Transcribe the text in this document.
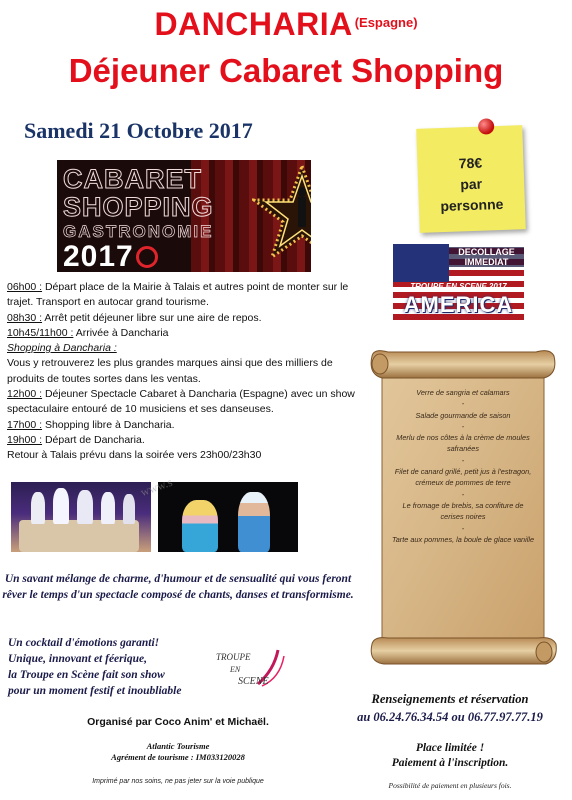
DANCHARIA $^{(Espagne)}$
Déjeuner Cabaret Shopping
Samedi 21 Octobre 2017
CABARET
SHOPPING
GASTRONOMIE
2017
78€
par
personne
DECOLLAGE
IMMEDIAT
TROUPE EN SCENE 2017
AMERICA
06h00 : Départ place de la Mairie à Talais et autres point de monter sur le trajet. Transport en autocar grand tourisme.
08h30 : Arrêt petit déjeuner libre sur une aire de repos.
10h45/11h00 : Arrivée à Dancharia
Shopping à Dancharia :
Vous y retrouverez les plus grandes marques ainsi que des milliers de produits de toutes sortes dans les ventas.
12h00 : Déjeuner Spectacle Cabaret à Dancharia (Espagne) avec un show spectaculaire entouré de 10 musiciens et ses danseuses.
17h00 : Shopping libre à Dancharia.
19h00 : Départ de Dancharia.
Retour à Talais prévu dans la soirée vers 23h00/23h30
www.s
Un savant mélange de charme, d'humour et de sensualité qui vous feront rêver le temps d'un spectacle composé de chants, danses et transformisme.
Un cocktail d'émotions garanti!
Unique, innovant et féerique,
la Troupe en Scène fait son show
pour un moment festif et inoubliable
TROUPE
EN
SCENE
Organisé par Coco Anim' et Michaël.
Atlantic Tourisme
Agrément de tourisme : IM033120028
Imprimé par nos soins, ne pas jeter sur la voie publique
Verre de sangria et calamars
-
Salade gourmande de saison
-
Merlu de nos côtes à la crème de moules safranées
-
Filet de canard grillé, petit jus à l'estragon, crémeux de pommes de terre
-
Le fromage de brebis, sa confiture de cerises noires
-
Tarte aux pommes, la boule de glace vanille
Renseignements et réservation
au 06.24.76.34.54 ou 06.77.97.77.19
Place limitée !
Paiement à l'inscription.
Possibilité de paiement en plusieurs fois.
